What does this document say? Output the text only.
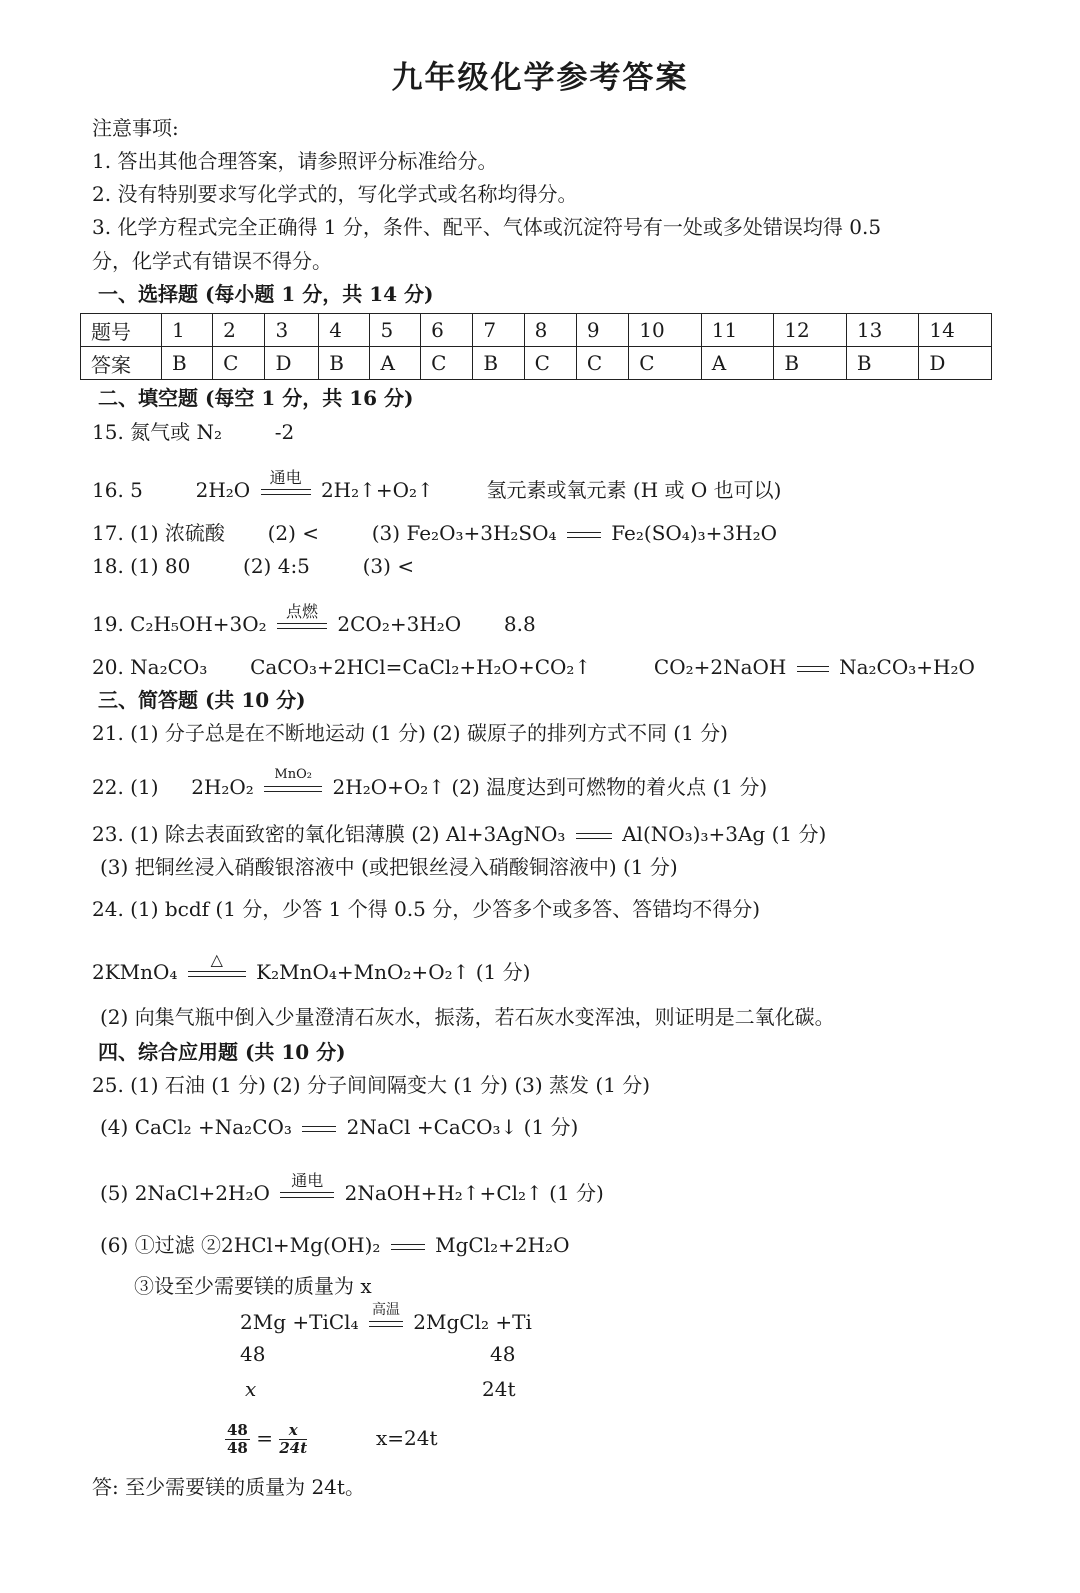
九年级化学参考答案
注意事项:
1. 答出其他合理答案，请参照评分标准给分。
2. 没有特别要求写化学式的，写化学式或名称均得分。
3. 化学方程式完全正确得 1 分，条件、配平、气体或沉淀符号有一处或多处错误均得 0.5
分，化学式有错误不得分。
一、选择题 (每小题 1 分，共 14 分)
题号	1	2	3	4	5	6	7	8	9	10	11	12	13	14
答案	B	C	D	B	A	C	B	C	C	C	A	B	B	D
二、填空题 (每空 1 分，共 16 分)
15. 氮气或 N₂	-2
16. 5	2H₂O
通电
2H₂↑+O₂↑	氢元素或氧元素 (H 或 O 也可以)
17. (1) 浓硫酸 (2) <	(3) Fe₂O₃+3H₂SO₄	Fe₂(SO₄)₃+3H₂O
18. (1) 80	(2) 4:5	(3) <
19. C₂H₅OH+3O₂
点燃
2CO₂+3H₂O 8.8
20. Na₂CO₃ CaCO₃+2HCl=CaCl₂+H₂O+CO₂↑	CO₂+2NaOH	Na₂CO₃+H₂O
三、简答题 (共 10 分)
21. (1) 分子总是在不断地运动 (1 分) (2) 碳原子的排列方式不同 (1 分)
22. (1) 2H₂O₂
MnO₂
2H₂O+O₂↑ (2) 温度达到可燃物的着火点 (1 分)
23. (1) 除去表面致密的氧化铝薄膜 (2) Al+3AgNO₃	Al(NO₃)₃+3Ag (1 分)
(3) 把铜丝浸入硝酸银溶液中 (或把银丝浸入硝酸铜溶液中) (1 分)
24. (1) bcdf (1 分，少答 1 个得 0.5 分，少答多个或多答、答错均不得分)
2KMnO₄
△
K₂MnO₄+MnO₂+O₂↑ (1 分)
(2) 向集气瓶中倒入少量澄清石灰水，振荡，若石灰水变浑浊，则证明是二氧化碳。
四、综合应用题 (共 10 分)
25. (1) 石油 (1 分) (2) 分子间间隔变大 (1 分) (3) 蒸发 (1 分)
(4) CaCl₂ +Na₂CO₃	2NaCl +CaCO₃↓ (1 分)
(5) 2NaCl+2H₂O
通电
2NaOH+H₂↑+Cl₂↑ (1 分)
(6) ①过滤 ②2HCl+Mg(OH)₂	MgCl₂+2H₂O
③设至少需要镁的质量为 x
2Mg +TiCl₄
高温
2MgCl₂ +Ti
48	48
x	24t
$\frac{48}{48} = \frac{x}{24t}$	x=24t
答: 至少需要镁的质量为 24t。
